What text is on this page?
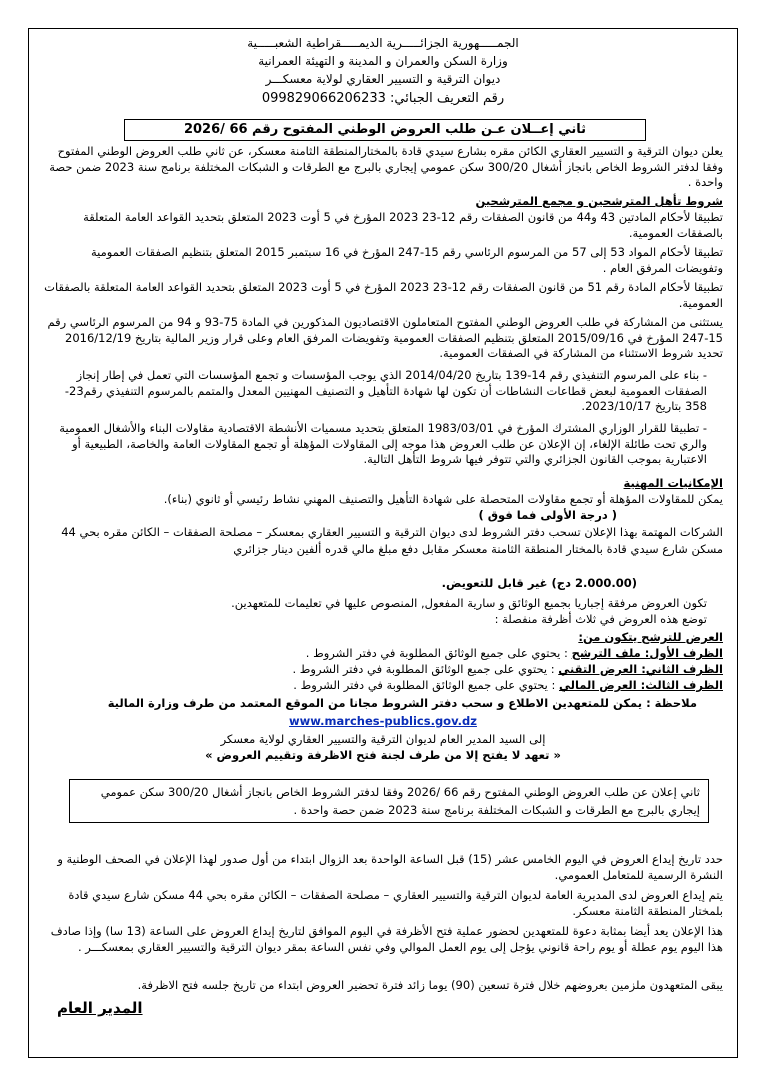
الجمـــــهورية الجزائـــــرية الديمـــــقراطية الشعبـــــية
وزارة السكن والعمران و المدينة و التهيئة العمرانية
ديوان الترقية و التسيير العقاري لولاية معسكـــر
رقم التعريف الجبائي: 099829066206233
ثاني إعــلان عـن طلب العروض الوطني المفتوح رقم 66 /2026
يعلن ديوان الترقية و التسيير العقاري الكائن مقره بشارع سيدي قادة بالمختارالمنطقة الثامنة معسكر، عن ثاني طلب العروض الوطني المفتوح وفقا لدفتر الشروط الخاص بانجاز أشغال 300/20 سكن عمومي إيجاري بالبرج مع الطرقات و الشبكات المختلفة برنامج سنة 2023 ضمن حصة واحدة .
شروط تأهل المترشحين و مجمع المترشحين
تطبيقا لأحكام المادتين 43 و44 من قانون الصفقات رقم 12-23 2023 المؤرخ في 5 أوت 2023 المتعلق بتحديد القواعد العامة المتعلقة بالصفقات العمومية.
تطبيقا لأحكام المواد 53 إلى 57 من المرسوم الرئاسي رقم 15-247 المؤرخ في 16 سبتمبر 2015 المتعلق بتنظيم الصفقات العمومية وتفويضات المرفق العام .
تطبيقا لأحكام المادة رقم 51 من قانون الصفقات رقم 12-23 2023 المؤرخ في 5 أوت 2023 المتعلق بتحديد القواعد العامة المتعلقة بالصفقات العمومية.
يستثنى من المشاركة في طلب العروض الوطني المفتوح المتعاملون الاقتصاديون المذكورين في المادة 75-93 و 94 من المرسوم الرئاسي رقم 15-247 المؤرخ في 2015/09/16 المتعلق بتنظيم الصفقات العمومية وتفويضات المرفق العام وعلى قرار وزير المالية بتاريخ 2016/12/19 تحديد شروط الاستثناء من المشاركة في الصفقات العمومية.
- بناء على المرسوم التنفيذي رقم 14-139 بتاريخ 2014/04/20 الذي يوجب المؤسسات و تجمع المؤسسات التي تعمل في إطار إنجاز الصفقات العمومية لبعض قطاعات النشاطات أن تكون لها شهادة التأهيل و التصنيف المهنيين المعدل والمتمم بالمرسوم التنفيذي رقم23-358 بتاريخ 2023/10/17.
- تطبيقا للقرار الوزاري المشترك المؤرخ في 1983/03/01 المتعلق بتحديد مسميات الأنشطة الاقتصادية مقاولات البناء والأشغال العمومية والري تحت طائلة الإلغاء، إن الإعلان عن طلب العروض هذا موجه إلى المقاولات المؤهلة أو تجمع المقاولات العامة والخاصة، الطبيعية أو الاعتبارية بموجب القانون الجزائري والتي تتوفر فيها شروط التأهل التالية.
الإمكانيات المهنية
يمكن للمقاولات المؤهلة أو تجمع مقاولات المتحصلة على شهادة التأهيل والتصنيف المهني نشاط رئيسي أو ثانوي (بناء).
( درجة الأولى فما فوق )
الشركات المهتمة بهذا الإعلان تسحب دفتر الشروط لدى ديوان الترقية و التسيير العقاري بمعسكر – مصلحة الصفقات – الكائن مقره بحي 44 مسكن شارع سيدي قادة بالمختار المنطقة الثامنة معسكر مقابل دفع مبلغ مالي قدره ألفين دينار جزائري
(2.000.00 دج) غير قابل للتعويض.
تكون العروض مرفقة إجباريا بجميع الوثائق و سارية المفعول, المنصوص عليها في تعليمات للمتعهدين.
توضع هذه العروض في ثلاث أظرفة منفصلة :
العرض للترشح يتكون من:
الظرف الأول: ملف الترشح : يحتوي على جميع الوثائق المطلوبة في دفتر الشروط .
الظرف الثاني: العرض التقني : يحتوي على جميع الوثائق المطلوبة في دفتر الشروط .
الظرف الثالث: العرض المالي : يحتوي على جميع الوثائق المطلوبة في دفتر الشروط .
ملاحظة : يمكن للمتعهدين الاطلاع و سحب دفتر الشروط مجانا من الموقع المعتمد من طرف وزارة المالية
www.marches-publics.gov.dz
إلى السيد المدير العام لديوان الترقية والتسيير العقاري لولاية معسكر
« تعهد لا يفتح إلا من طرف لجنة فتح الاظرفة وتقييم العروض »
ثاني إعلان عن طلب العروض الوطني المفتوح رقم 66 /2026 وفقا لدفتر الشروط الخاص بانجاز أشغال 300/20 سكن عمومي إيجاري بالبرج مع الطرقات و الشبكات المختلفة برنامج سنة 2023 ضمن حصة واحدة .
حدد تاريخ إيداع العروض في اليوم الخامس عشر (15) قبل الساعة الواحدة بعد الزوال ابتداء من أول صدور لهذا الإعلان في الصحف الوطنية و النشرة الرسمية للمتعامل العمومي.
يتم إيداع العروض لدى المديرية العامة لديوان الترقية والتسيير العقاري – مصلحة الصفقات – الكائن مقره بحي 44 مسكن شارع سيدي قادة بلمختار المنطقة الثامنة معسكر.
هذا الإعلان يعد أيضا بمثابة دعوة للمتعهدين لحضور عملية فتح الأظرفة في اليوم الموافق لتاريخ إيداع العروض على الساعة (13 سا) وإذا صادف هذا اليوم يوم عطلة أو يوم راحة قانوني يؤجل إلى يوم العمل الموالي وفي نفس الساعة بمقر ديوان الترقية والتسيير العقاري بمعسكـــر .
يبقى المتعهدون ملزمين بعروضهم خلال فترة تسعين (90) يوما زائد فترة تحضير العروض ابتداء من تاريخ جلسه فتح الاظرفة.
المدير العام
